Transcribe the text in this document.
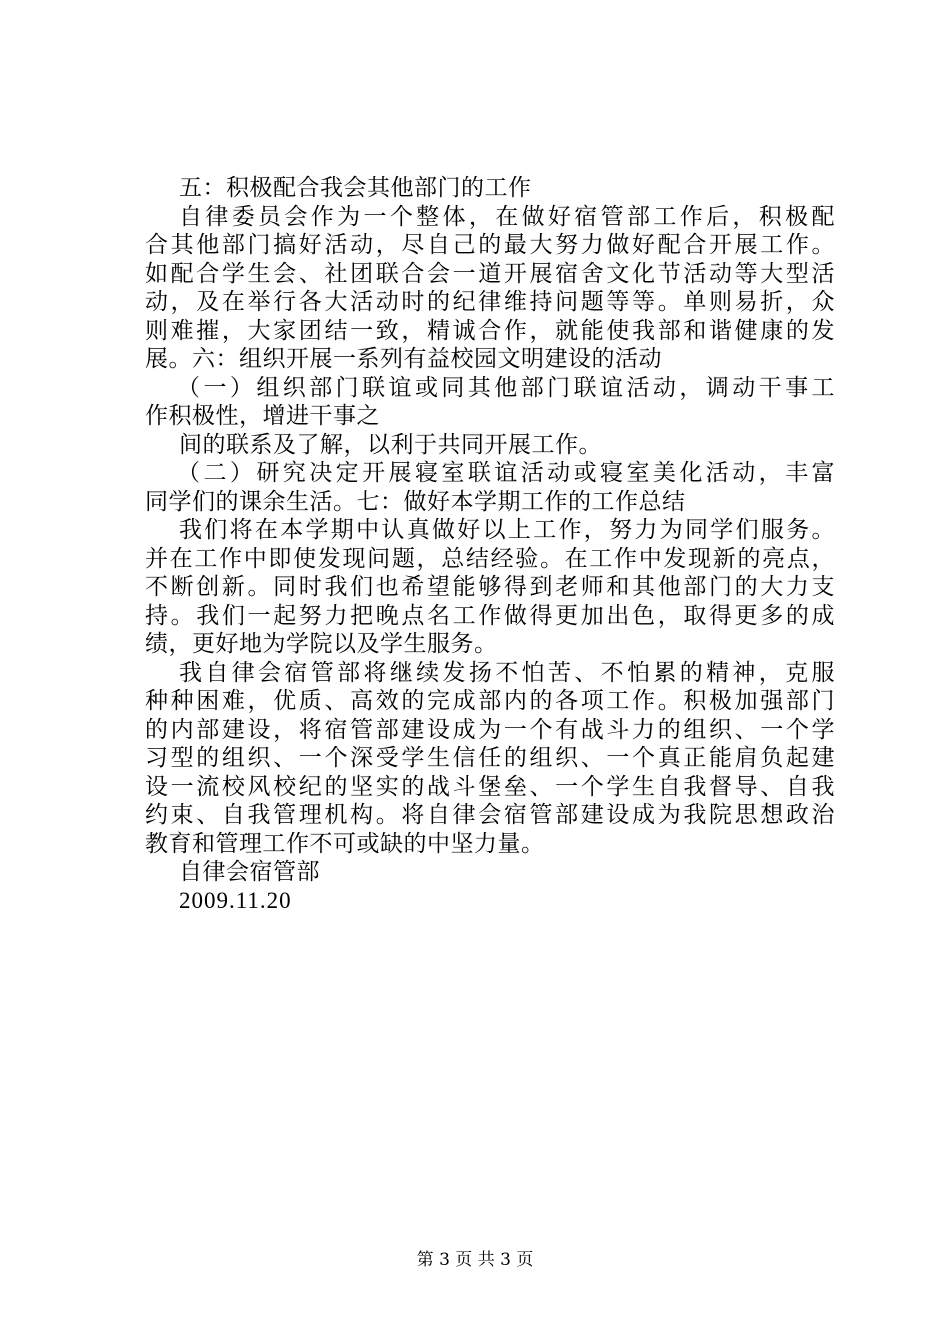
五：积极配合我会其他部门的工作
自律委员会作为一个整体，在做好宿管部工作后，积极配
合其他部门搞好活动，尽自己的最大努力做好配合开展工作。
如配合学生会、社团联合会一道开展宿舍文化节活动等大型活
动，及在举行各大活动时的纪律维持问题等等。单则易折，众
则难摧，大家团结一致，精诚合作，就能使我部和谐健康的发
展。六：组织开展一系列有益校园文明建设的活动
（一）组织部门联谊或同其他部门联谊活动，调动干事工
作积极性，增进干事之
间的联系及了解，以利于共同开展工作。
（二）研究决定开展寝室联谊活动或寝室美化活动，丰富
同学们的课余生活。七：做好本学期工作的工作总结
我们将在本学期中认真做好以上工作，努力为同学们服务。
并在工作中即使发现问题，总结经验。在工作中发现新的亮点，
不断创新。同时我们也希望能够得到老师和其他部门的大力支
持。我们一起努力把晚点名工作做得更加出色，取得更多的成
绩，更好地为学院以及学生服务。
我自律会宿管部将继续发扬不怕苦、不怕累的精神，克服
种种困难，优质、高效的完成部内的各项工作。积极加强部门
的内部建设，将宿管部建设成为一个有战斗力的组织、一个学
习型的组织、一个深受学生信任的组织、一个真正能肩负起建
设一流校风校纪的坚实的战斗堡垒、一个学生自我督导、自我
约束、自我管理机构。将自律会宿管部建设成为我院思想政治
教育和管理工作不可或缺的中坚力量。
自律会宿管部
2009.11.20
第 3 页 共 3 页
